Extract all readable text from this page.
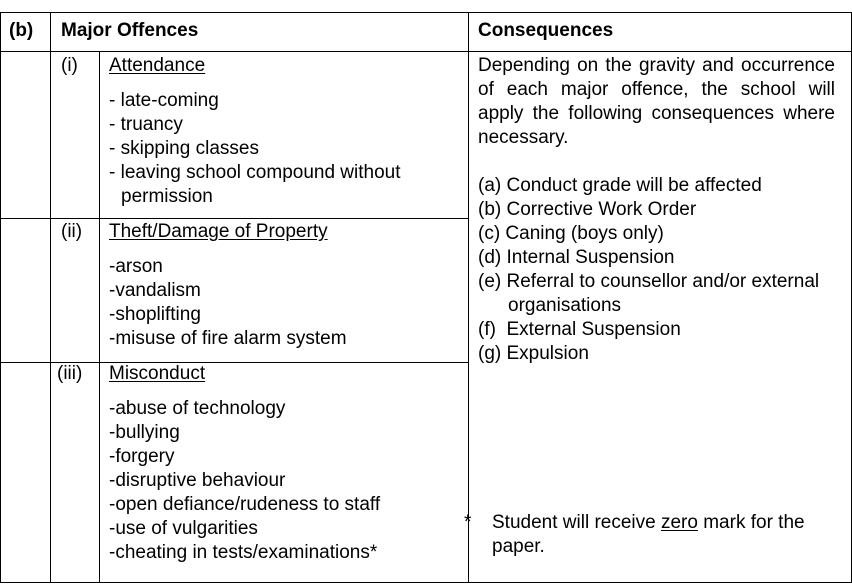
(b) Major Offences	Consequences
(i) Attendance
- late-coming
- truancy
- skipping classes
- leaving school compound without permission
(ii) Theft/Damage of Property
-arson
-vandalism
-shoplifting
-misuse of fire alarm system
(iii) Misconduct
-abuse of technology
-bullying
-forgery
-disruptive behaviour
-open defiance/rudeness to staff
-use of vulgarities
-cheating in tests/examinations*
Depending on the gravity and occurrence of each major offence, the school will apply the following consequences where necessary.
(a) Conduct grade will be affected
(b) Corrective Work Order
(c) Caning (boys only)
(d) Internal Suspension
(e) Referral to counsellor and/or external organisations
(f)  External Suspension
(g) Expulsion
* Student will receive zero mark for the paper.
